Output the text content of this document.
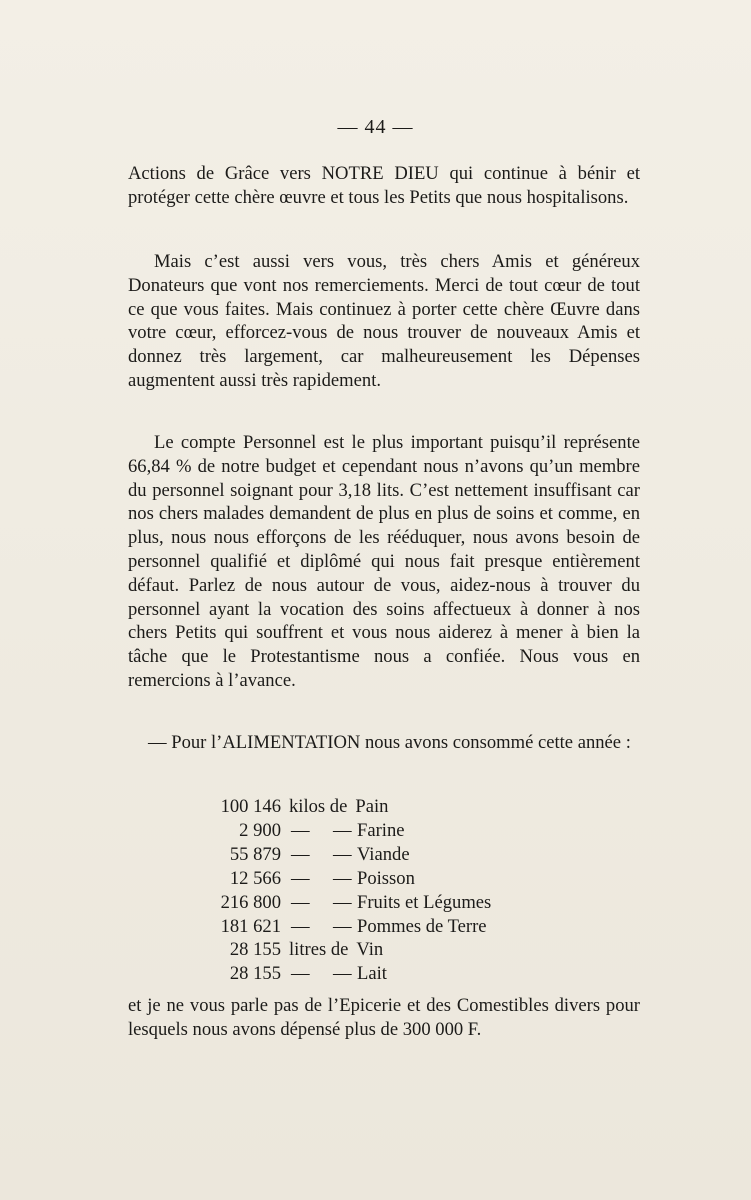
— 44 —
Actions de Grâce vers NOTRE DIEU qui continue à bénir et protéger cette chère œuvre et tous les Petits que nous hospitalisons.
Mais c’est aussi vers vous, très chers Amis et généreux Donateurs que vont nos remerciements. Merci de tout cœur de tout ce que vous faites. Mais continuez à porter cette chère Œuvre dans votre cœur, efforcez-vous de nous trouver de nouveaux Amis et donnez très largement, car malheureusement les Dépenses augmentent aussi très rapidement.
Le compte Personnel est le plus important puisqu’il représente 66,84 % de notre budget et cependant nous n’avons qu’un membre du personnel soignant pour 3,18 lits. C’est nettement insuffisant car nos chers malades demandent de plus en plus de soins et comme, en plus, nous nous efforçons de les rééduquer, nous avons besoin de personnel qualifié et diplômé qui nous fait presque entièrement défaut. Parlez de nous autour de vous, aidez-nous à trouver du personnel ayant la vocation des soins affectueux à donner à nos chers Petits qui souffrent et vous nous aiderez à mener à bien la tâche que le Protestantisme nous a confiée. Nous vous en remercions à l’avance.
— Pour l’ALIMENTATION nous avons consommé cette année :
100 146 kilos de Pain
2 900 —	— Farine
55 879 —	— Viande
12 566 —	— Poisson
216 800 —	— Fruits et Légumes
181 621 —	— Pommes de Terre
28 155 litres de Vin
28 155 —	— Lait
et je ne vous parle pas de l’Epicerie et des Comestibles divers pour lesquels nous avons dépensé plus de 300 000 F.
